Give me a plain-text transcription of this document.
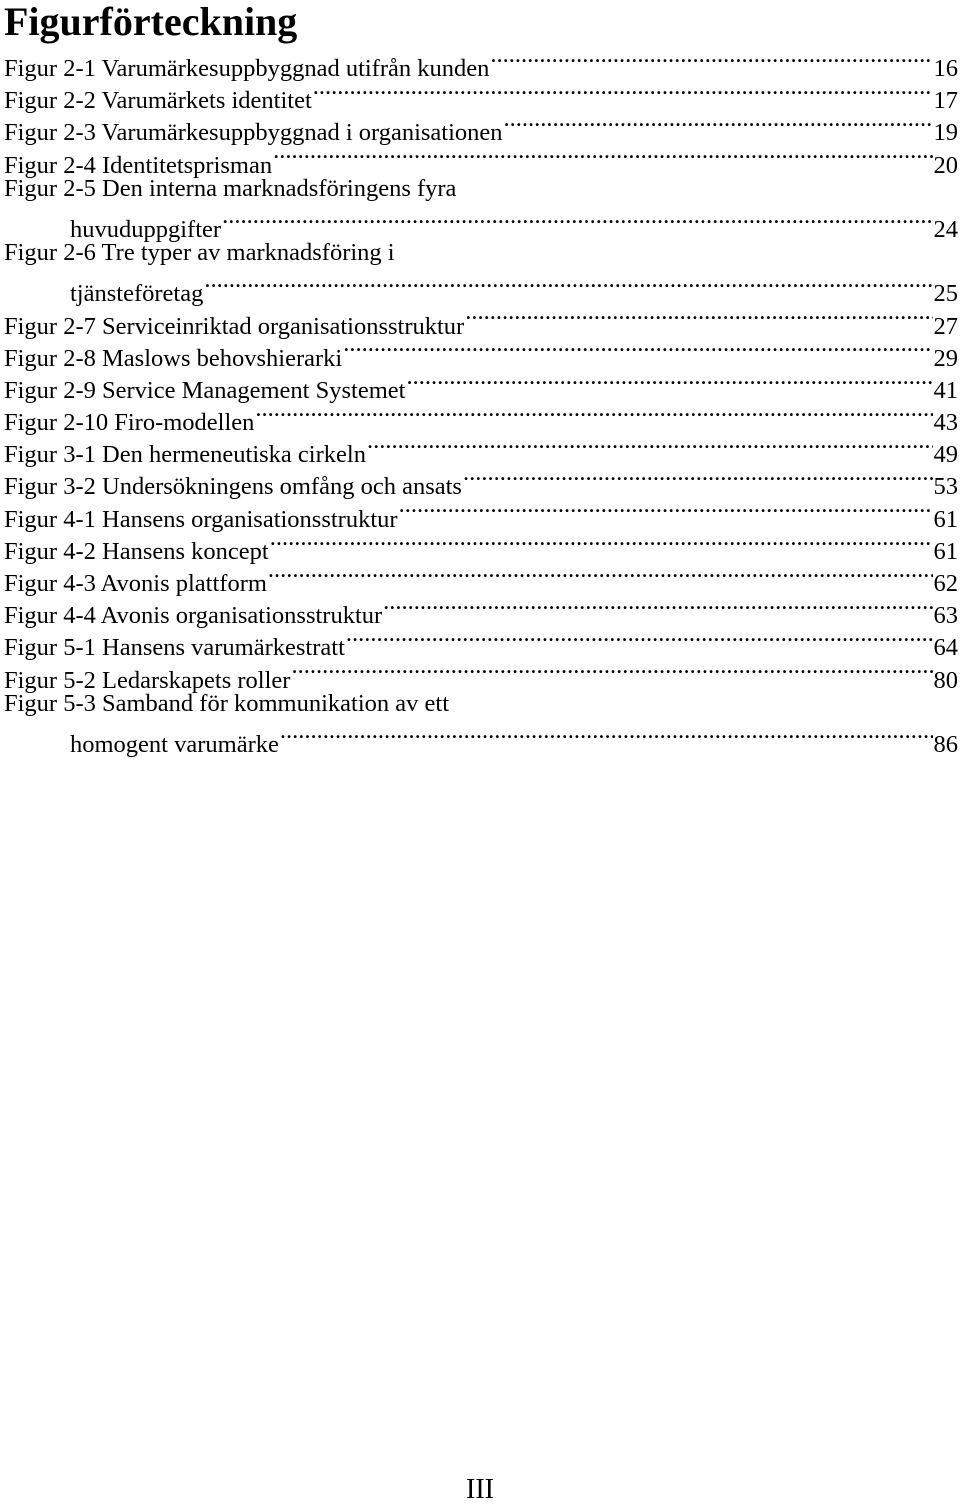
Figurförteckning
Figur 2-1 Varumärkesuppbyggnad utifrån kunden .....	16
Figur 2-2 Varumärkets identitet .....	17
Figur 2-3 Varumärkesuppbyggnad i organisationen .....	19
Figur 2-4 Identitetsprisman .....	20
Figur 2-5 Den interna marknadsföringens fyra
huvuduppgifter .....	24
Figur 2-6 Tre typer av marknadsföring i
tjänsteföretag .....	25
Figur 2-7 Serviceinriktad organisationsstruktur .....	27
Figur 2-8 Maslows behovshierarki .....	29
Figur 2-9 Service Management Systemet .....	41
Figur 2-10 Firo-modellen .....	43
Figur 3-1 Den hermeneutiska cirkeln .....	49
Figur 3-2 Undersökningens omfång och ansats .....	53
Figur 4-1 Hansens organisationsstruktur .....	61
Figur 4-2 Hansens koncept .....	61
Figur 4-3 Avonis plattform .....	62
Figur 4-4 Avonis organisationsstruktur .....	63
Figur 5-1 Hansens varumärkestratt .....	64
Figur 5-2 Ledarskapets roller .....	80
Figur 5-3 Samband för kommunikation av ett
homogent varumärke .....	86

III
